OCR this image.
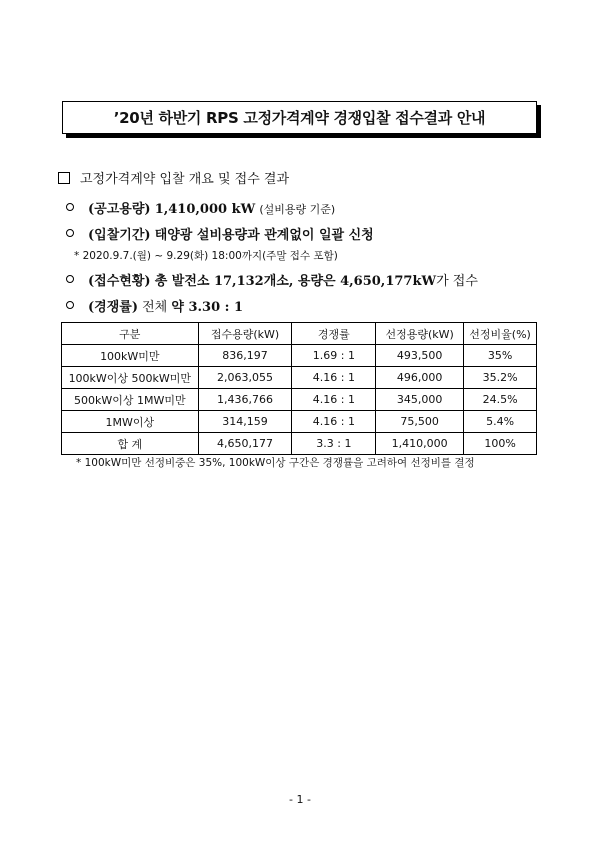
’20년 하반기 RPS 고정가격계약 경쟁입찰 접수결과 안내
고정가격계약 입찰 개요 및 접수 결과
(공고용량) 1,410,000 kW (설비용량 기준)
(입찰기간) 태양광 설비용량과 관계없이 일괄 신청
* 2020.9.7.(월) ~ 9.29(화) 18:00까지(주말 접수 포함)
(접수현황) 총 발전소 17,132개소, 용량은 4,650,177kW가 접수
(경쟁률) 전체 약 3.30 : 1
구분	접수용량(kW)	경쟁률	선정용량(kW)	선정비율(%)
100kW미만	836,197	1.69 : 1	493,500	35%
100kW이상 500kW미만	2,063,055	4.16 : 1	496,000	35.2%
500kW이상 1MW미만	1,436,766	4.16 : 1	345,000	24.5%
1MW이상	314,159	4.16 : 1	75,500	5.4%
합 계	4,650,177	3.3 : 1	1,410,000	100%
* 100kW미만 선정비중은 35%, 100kW이상 구간은 경쟁률을 고려하여 선정비를 결정
- 1 -
